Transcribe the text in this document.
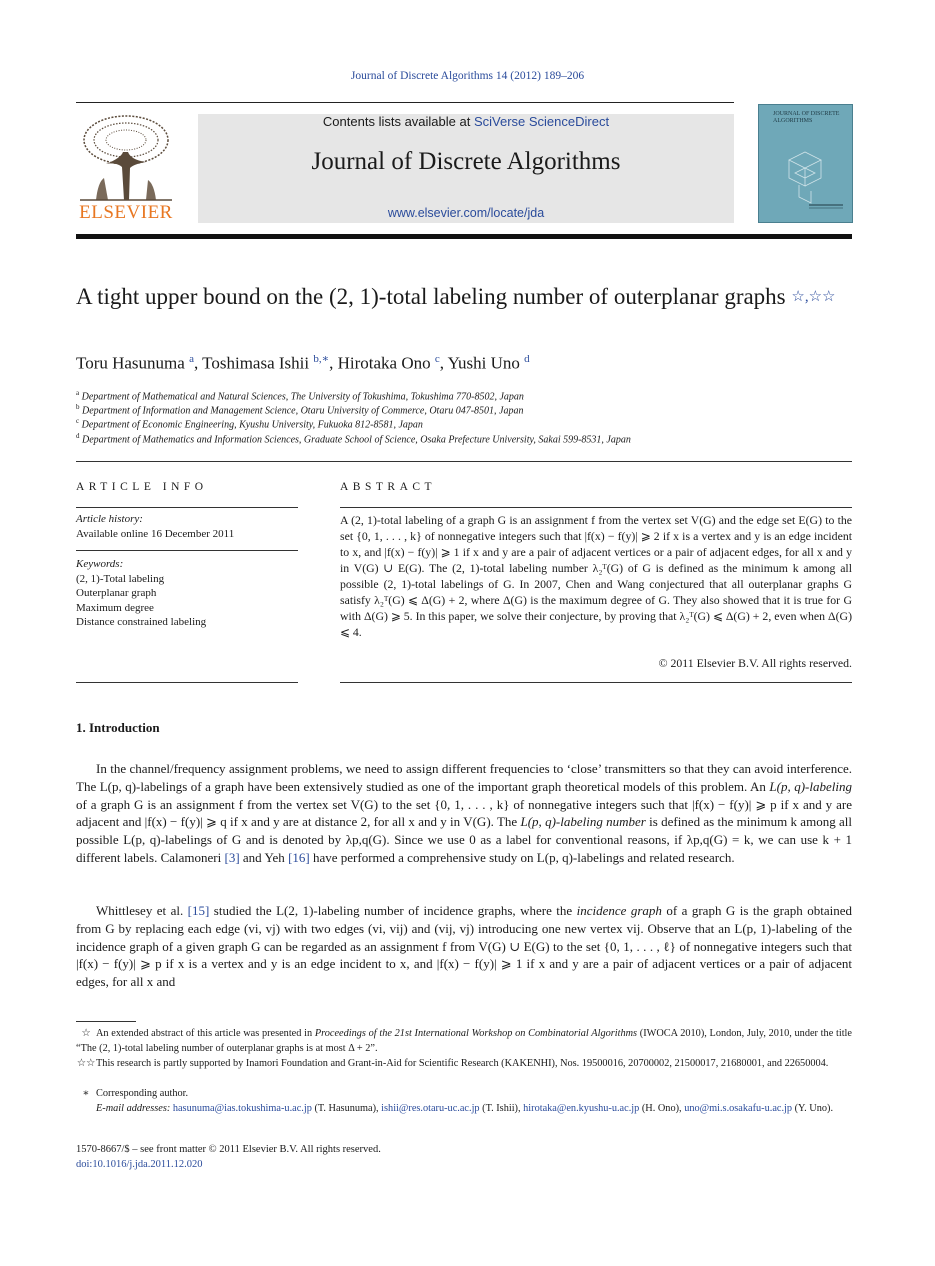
Journal of Discrete Algorithms 14 (2012) 189–206
ELSEVIER
Contents lists available at SciVerse ScienceDirect
Journal of Discrete Algorithms
www.elsevier.com/locate/jda
JOURNAL OF DISCRETE ALGORITHMS
A tight upper bound on the (2, 1)-total labeling number of outerplanar graphs ☆,☆☆
Toru Hasunuma $^a$, Toshimasa Ishii $^{b,∗}$, Hirotaka Ono $^c$, Yushi Uno $^d$
$^a$ Department of Mathematical and Natural Sciences, The University of Tokushima, Tokushima 770-8502, Japan
$^b$ Department of Information and Management Science, Otaru University of Commerce, Otaru 047-8501, Japan
$^c$ Department of Economic Engineering, Kyushu University, Fukuoka 812-8581, Japan
$^d$ Department of Mathematics and Information Sciences, Graduate School of Science, Osaka Prefecture University, Sakai 599-8531, Japan
ARTICLE INFO
Article history:
Available online 16 December 2011
Keywords:
(2, 1)-Total labeling
Outerplanar graph
Maximum degree
Distance constrained labeling
ABSTRACT
A (2, 1)-total labeling of a graph G is an assignment f from the vertex set V(G) and the edge set E(G) to the set {0, 1, . . . , k} of nonnegative integers such that |f(x) − f(y)| ⩾ 2 if x is a vertex and y is an edge incident to x, and |f(x) − f(y)| ⩾ 1 if x and y are a pair of adjacent vertices or a pair of adjacent edges, for all x and y in V(G) ∪ E(G). The (2, 1)-total labeling number λ₂ᵀ(G) of G is defined as the minimum k among all possible (2, 1)-total labelings of G. In 2007, Chen and Wang conjectured that all outerplanar graphs G satisfy λ₂ᵀ(G) ⩽ Δ(G) + 2, where Δ(G) is the maximum degree of G. They also showed that it is true for G with Δ(G) ⩾ 5. In this paper, we solve their conjecture, by proving that λ₂ᵀ(G) ⩽ Δ(G) + 2, even when Δ(G) ⩽ 4.
© 2011 Elsevier B.V. All rights reserved.
1. Introduction
In the channel/frequency assignment problems, we need to assign different frequencies to ‘close’ transmitters so that they can avoid interference. The L(p, q)-labelings of a graph have been extensively studied as one of the important graph theoretical models of this problem. An L(p, q)-labeling of a graph G is an assignment f from the vertex set V(G) to the set {0, 1, . . . , k} of nonnegative integers such that |f(x) − f(y)| ⩾ p if x and y are adjacent and |f(x) − f(y)| ⩾ q if x and y are at distance 2, for all x and y in V(G). The L(p, q)-labeling number is defined as the minimum k among all possible L(p, q)-labelings of G and is denoted by λp,q(G). Since we use 0 as a label for conventional reasons, if λp,q(G) = k, we can use k + 1 different labels. Calamoneri [3] and Yeh [16] have performed a comprehensive study on L(p, q)-labelings and related research.
Whittlesey et al. [15] studied the L(2, 1)-labeling number of incidence graphs, where the incidence graph of a graph G is the graph obtained from G by replacing each edge (vi, vj) with two edges (vi, vij) and (vij, vj) introducing one new vertex vij. Observe that an L(p, 1)-labeling of the incidence graph of a given graph G can be regarded as an assignment f from V(G) ∪ E(G) to the set {0, 1, . . . , ℓ} of nonnegative integers such that |f(x) − f(y)| ⩾ p if x is a vertex and y is an edge incident to x, and |f(x) − f(y)| ⩾ 1 if x and y are a pair of adjacent vertices or a pair of adjacent edges, for all x and
☆ An extended abstract of this article was presented in Proceedings of the 21st International Workshop on Combinatorial Algorithms (IWOCA 2010), London, July, 2010, under the title “The (2, 1)-total labeling number of outerplanar graphs is at most Δ + 2”.
☆☆This research is partly supported by Inamori Foundation and Grant-in-Aid for Scientific Research (KAKENHI), Nos. 19500016, 20700002, 21500017, 21680001, and 22650004.
∗ Corresponding author.
E-mail addresses: hasunuma@ias.tokushima-u.ac.jp (T. Hasunuma), ishii@res.otaru-uc.ac.jp (T. Ishii), hirotaka@en.kyushu-u.ac.jp (H. Ono), uno@mi.s.osakafu-u.ac.jp (Y. Uno).
1570-8667/$ – see front matter © 2011 Elsevier B.V. All rights reserved.
doi:10.1016/j.jda.2011.12.020
